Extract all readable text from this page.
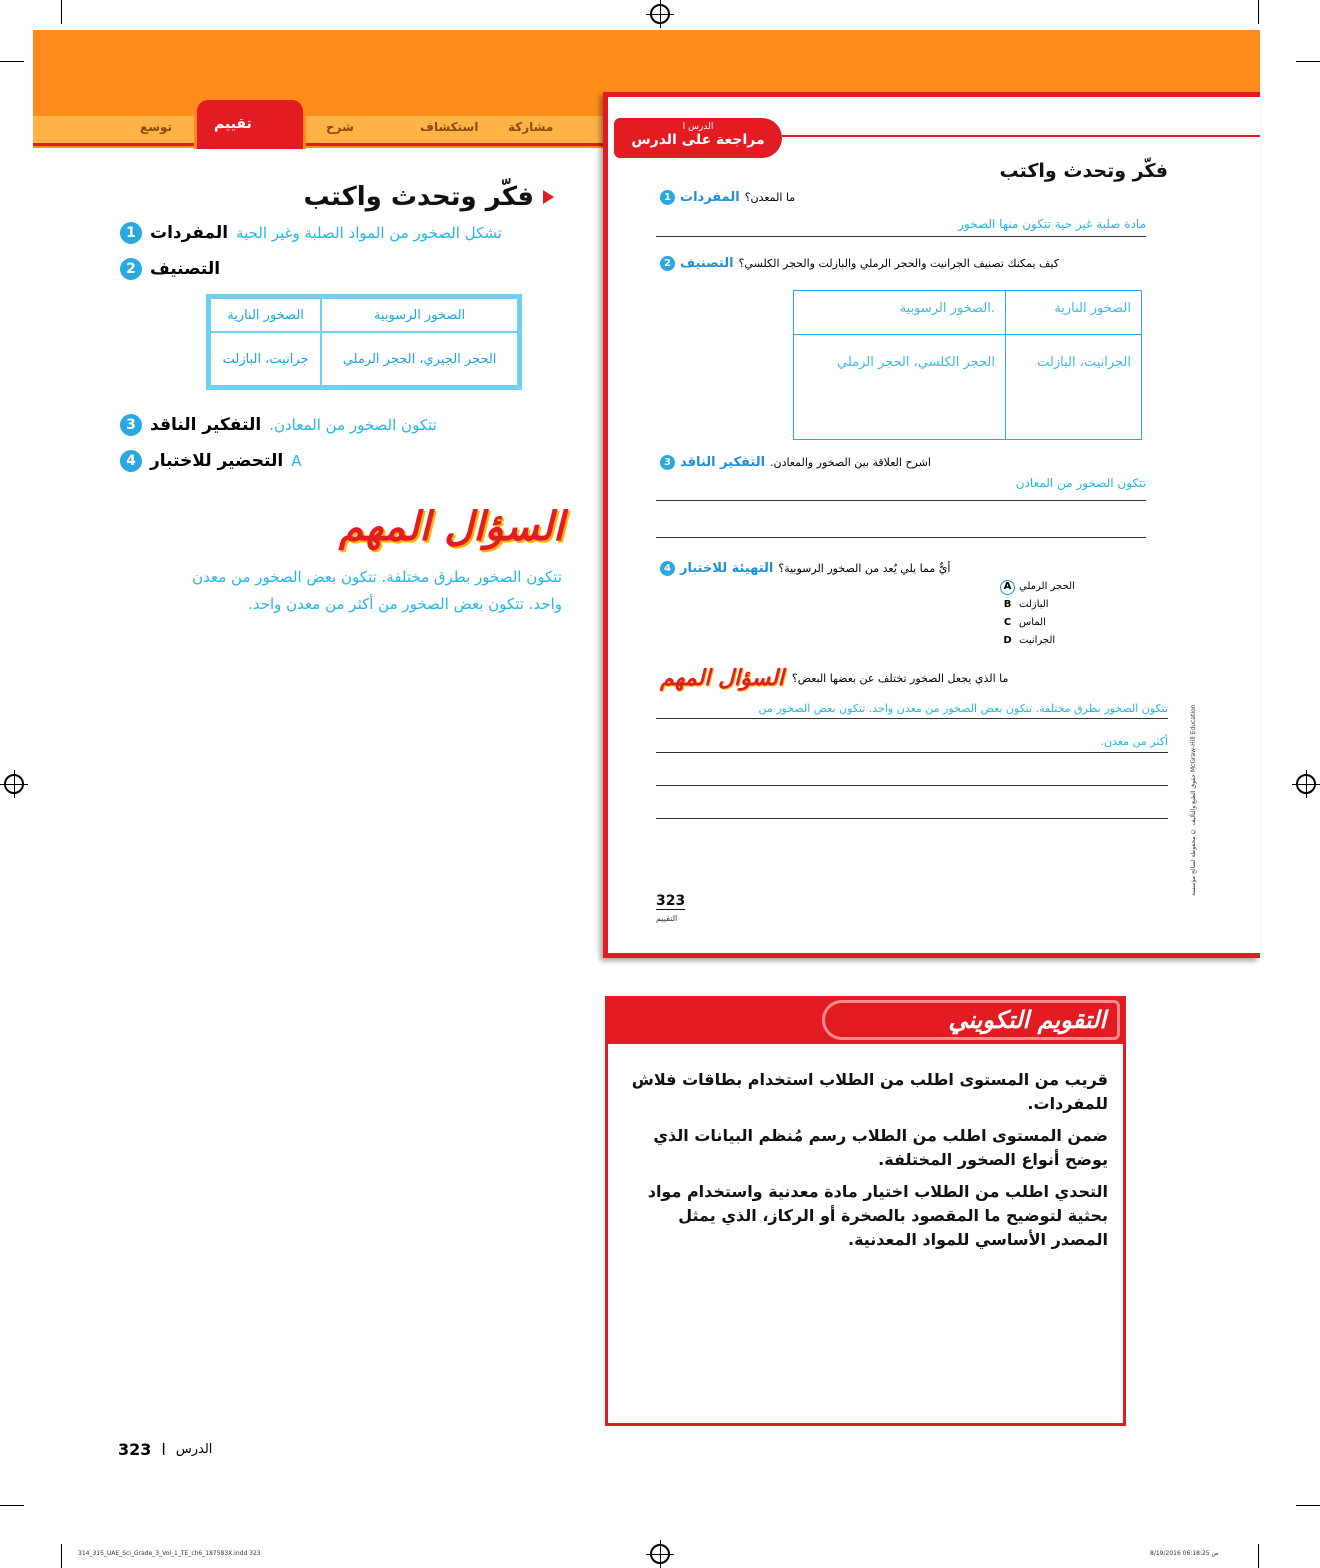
توسع	تقييم	شرح	استكشاف مشاركة
فكّر وتحدث واكتب
1 المفردات تشكل الصخور من المواد الصلبة وغير الحية
2 التصنيف
الصخور النارية	الصخور الرسوبية
جرانيت، البازلت	الحجر الجيري، الحجر الرملي
3 التفكير الناقد تتكون الصخور من المعادن.
4 التحضير للاختبار A
السؤال المهم
تتكون الصخور بطرق مختلفة. تتكون بعض الصخور من معدن
واحد. تتكون بعض الصخور من أكثر من معدن واحد.
323 ا الدرس
الدرس ا
مراجعة على الدرس
فكّر وتحدث واكتب
1 المفردات ما المعدن؟
مادة صلبة غير حية تتكون منها الصخور
2 التصنيف كيف يمكنك تصنيف الجرانيت والحجر الرملي والبازلت والحجر الكلسي؟
الصخور الرسوبية.	الصخور النارية
الحجر الكلسي، الحجر الرملي	الجرانيت، البازلت
3 التفكير الناقد اشرح العلاقة بين الصخور والمعادن.
تتكون الصخور من المعادن
4 التهيئة للاختبار أيٌّ مما يلي يُعد من الصخور الرسوبية؟
A الحجر الرملي
B البازلت
C الماس
D الجرانيت
السؤال المهم ما الذي يجعل الصخور تختلف عن بعضها البعض؟
تتكون الصخور بطرق مختلفة. تتكون بعض الصخور من معدن واحد. تتكون بعض الصخور من
أكثر من معدن.
حقوق الطبع والتأليف © محفوظة لصالح مؤسسة McGraw-Hill Education
323
التقييم
التقويم التكويني

قريب من المستوى اطلب من الطلاب استخدام بطاقات فلاش للمفردات.

ضمن المستوى اطلب من الطلاب رسم مُنظم البيانات الذي يوضح أنواع الصخور المختلفة.

التحدي اطلب من الطلاب اختيار مادة معدنية واستخدام مواد بحثية لتوضيح ما المقصود بالصخرة أو الركاز، الذي يمثل المصدر الأساسي للمواد المعدنية.

314_315_UAE_Sci_Grade_3_Vol_1_TE_ch6_187583X.indd 323	8/19/2016 06:18:25 ص
